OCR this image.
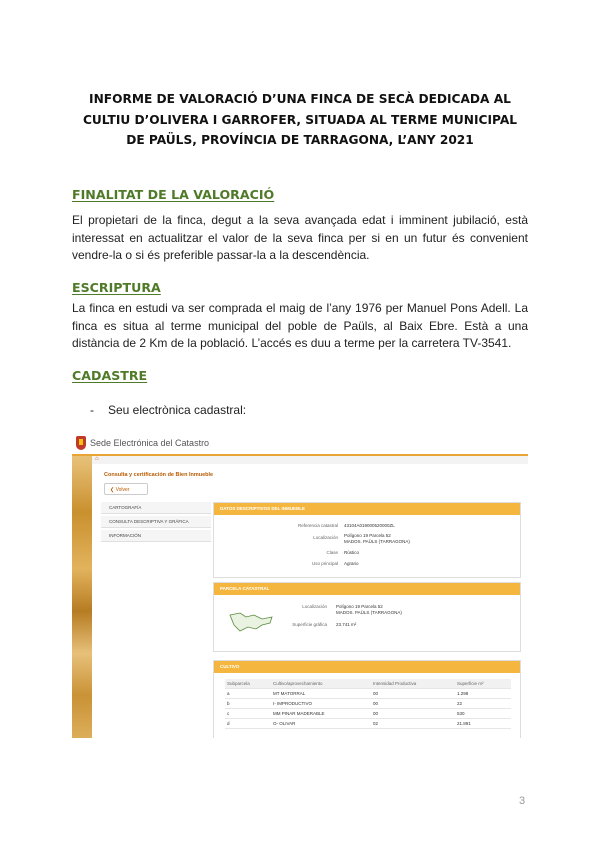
INFORME DE VALORACIÓ D’UNA FINCA DE SECÀ DEDICADA AL
CULTIU D’OLIVERA I GARROFER, SITUADA AL TERME MUNICIPAL
DE PAÜLS, PROVÍNCIA DE TARRAGONA, L’ANY 2021
FINALITAT DE LA VALORACIÓ

El propietari de la finca, degut a la seva avançada edat i imminent jubilació, està
interessat en actualitzar el valor de la seva finca per si en un futur és convenient
vendre-la o si és preferible passar-la a la descendència.

ESCRIPTURA

La finca en estudi va ser comprada el maig de l’any 1976 per Manuel Pons Adell. La
finca es situa al terme municipal del poble de Paüls, al Baix Ebre. Està a una
distància de 2 Km de la població. L’accés es duu a terme per la carretera TV-3541.

CADASTRE
- Seu electrònica cadastral:
Sede Electrónica del Catastro
⌂
Consulta y certificación de Bien Inmueble
❮ Volver
CARTOGRAFÍA
CONSULTA DESCRIPTIVA Y GRÁFICA
INFORMACIÓN
DATOS DESCRIPTIVOS DEL INMUEBLE
Referencia catastral 43104A019000520000ZL
Localización Polígono 19 Parcela 52
MADOS. PAÜLS (TARRAGONA)
Clase Rústico
Uso principal Agrario
PARCELA CATASTRAL
Localización Polígono 19 Parcela 52
MADOS. PAÜLS (TARRAGONA)
Superficie gráfica 23.741 m²
CULTIVO
Subparcela	Cultivo/aprovechamiento	Intensidad Productiva	Superficie m²
a	MT MATORRAL	00	1.298
b	I- IMPRODUCTIVO	00	22
c	MM PINAR MADERABLE	00	530
d	O- OLIVAR	02	21.891
3
